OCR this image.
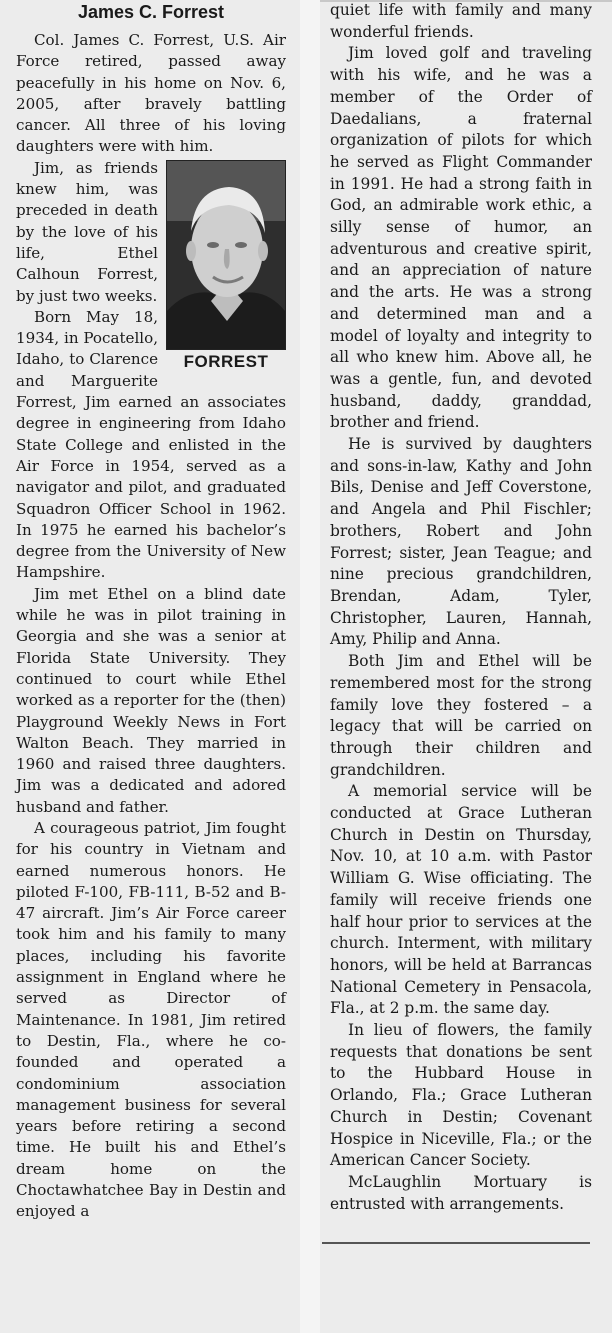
James C. Forrest

Col. James C. Forrest, U.S. Air Force retired, passed away peacefully in his home on Nov. 6, 2005, after bravely battling cancer. All three of his loving daughters were with him.

FORREST

Jim, as friends knew him, was preceded in death by the love of his life, Ethel Calhoun Forrest, by just two weeks.

Born May 18, 1934, in Pocatello, Idaho, to Clarence and Marguerite Forrest, Jim earned an associates degree in engineering from Idaho State College and enlisted in the Air Force in 1954, served as a navigator and pilot, and graduated Squadron Officer School in 1962. In 1975 he earned his bachelor’s degree from the University of New Hampshire.

Jim met Ethel on a blind date while he was in pilot training in Georgia and she was a senior at Florida State University. They continued to court while Ethel worked as a reporter for the (then) Playground Weekly News in Fort Walton Beach. They married in 1960 and raised three daughters. Jim was a dedicated and adored husband and father.

A courageous patriot, Jim fought for his country in Vietnam and earned numerous honors. He piloted F-100, FB-111, B-52 and B-47 aircraft. Jim’s Air Force career took him and his family to many places, including his favorite assignment in England where he served as Director of Maintenance. In 1981, Jim retired to Destin, Fla., where he co-founded and operated a condominium association management business for several years before retiring a second time. He built his and Ethel’s dream home on the Choctawhatchee Bay in Destin and enjoyed a

quiet life with family and many wonderful friends.

Jim loved golf and traveling with his wife, and he was a member of the Order of Daedalians, a fraternal organization of pilots for which he served as Flight Commander in 1991. He had a strong faith in God, an admirable work ethic, a silly sense of humor, an adventurous and creative spirit, and an appreciation of nature and the arts. He was a strong and determined man and a model of loyalty and integrity to all who knew him. Above all, he was a gentle, fun, and devoted husband, daddy, granddad, brother and friend.

He is survived by daughters and sons-in-law, Kathy and John Bils, Denise and Jeff Coverstone, and Angela and Phil Fischler; brothers, Robert and John Forrest; sister, Jean Teague; and nine precious grandchildren, Brendan, Adam, Tyler, Christopher, Lauren, Hannah, Amy, Philip and Anna.

Both Jim and Ethel will be remembered most for the strong family love they fostered – a legacy that will be carried on through their children and grandchildren.

A memorial service will be conducted at Grace Lutheran Church in Destin on Thursday, Nov. 10, at 10 a.m. with Pastor William G. Wise officiating. The family will receive friends one half hour prior to services at the church. Interment, with military honors, will be held at Barrancas National Cemetery in Pensacola, Fla., at 2 p.m. the same day.

In lieu of flowers, the family requests that donations be sent to the Hubbard House in Orlando, Fla.; Grace Lutheran Church in Destin; Covenant Hospice in Niceville, Fla.; or the American Cancer Society.

McLaughlin Mortuary is entrusted with arrangements.
